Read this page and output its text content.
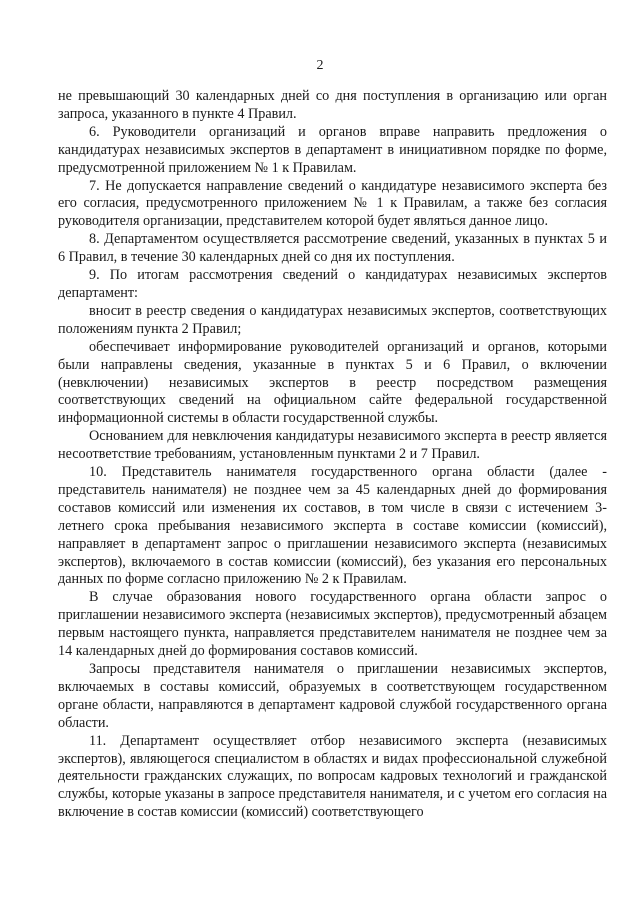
2

не превышающий 30 календарных дней со дня поступления в организацию или орган запроса, указанного в пункте 4 Правил.

6. Руководители организаций и органов вправе направить предложения о кандидатурах независимых экспертов в департамент в инициативном порядке по форме, предусмотренной приложением № 1 к Правилам.

7. Не допускается направление сведений о кандидатуре независимого эксперта без его согласия, предусмотренного приложением № 1 к Правилам, а также без согласия руководителя организации, представителем которой будет являться данное лицо.

8. Департаментом осуществляется рассмотрение сведений, указанных в пунктах 5 и 6 Правил, в течение 30 календарных дней со дня их поступления.

9. По итогам рассмотрения сведений о кандидатурах независимых экспертов департамент:

вносит в реестр сведения о кандидатурах независимых экспертов, соответствующих положениям пункта 2 Правил;

обеспечивает информирование руководителей организаций и органов, которыми были направлены сведения, указанные в пунктах 5 и 6 Правил, о включении (невключении) независимых экспертов в реестр посредством размещения соответствующих сведений на официальном сайте федеральной государственной информационной системы в области государственной службы.

Основанием для невключения кандидатуры независимого эксперта в реестр является несоответствие требованиям, установленным пунктами 2 и 7 Правил.

10. Представитель нанимателя государственного органа области (далее - представитель нанимателя) не позднее чем за 45 календарных дней до формирования составов комиссий или изменения их составов, в том числе в связи с истечением 3-летнего срока пребывания независимого эксперта в составе комиссии (комиссий), направляет в департамент запрос о приглашении независимого эксперта (независимых экспертов), включаемого в состав комиссии (комиссий), без указания его персональных данных по форме согласно приложению № 2 к Правилам.

В случае образования нового государственного органа области запрос о приглашении независимого эксперта (независимых экспертов), предусмотренный абзацем первым настоящего пункта, направляется представителем нанимателя не позднее чем за 14 календарных дней до формирования составов комиссий.

Запросы представителя нанимателя о приглашении независимых экспертов, включаемых в составы комиссий, образуемых в соответствующем государственном органе области, направляются в департамент кадровой службой государственного органа области.

11. Департамент осуществляет отбор независимого эксперта (независимых экспертов), являющегося специалистом в областях и видах профессиональной служебной деятельности гражданских служащих, по вопросам кадровых технологий и гражданской службы, которые указаны в запросе представителя нанимателя, и с учетом его согласия на включение в состав комиссии (комиссий) соответствующего
